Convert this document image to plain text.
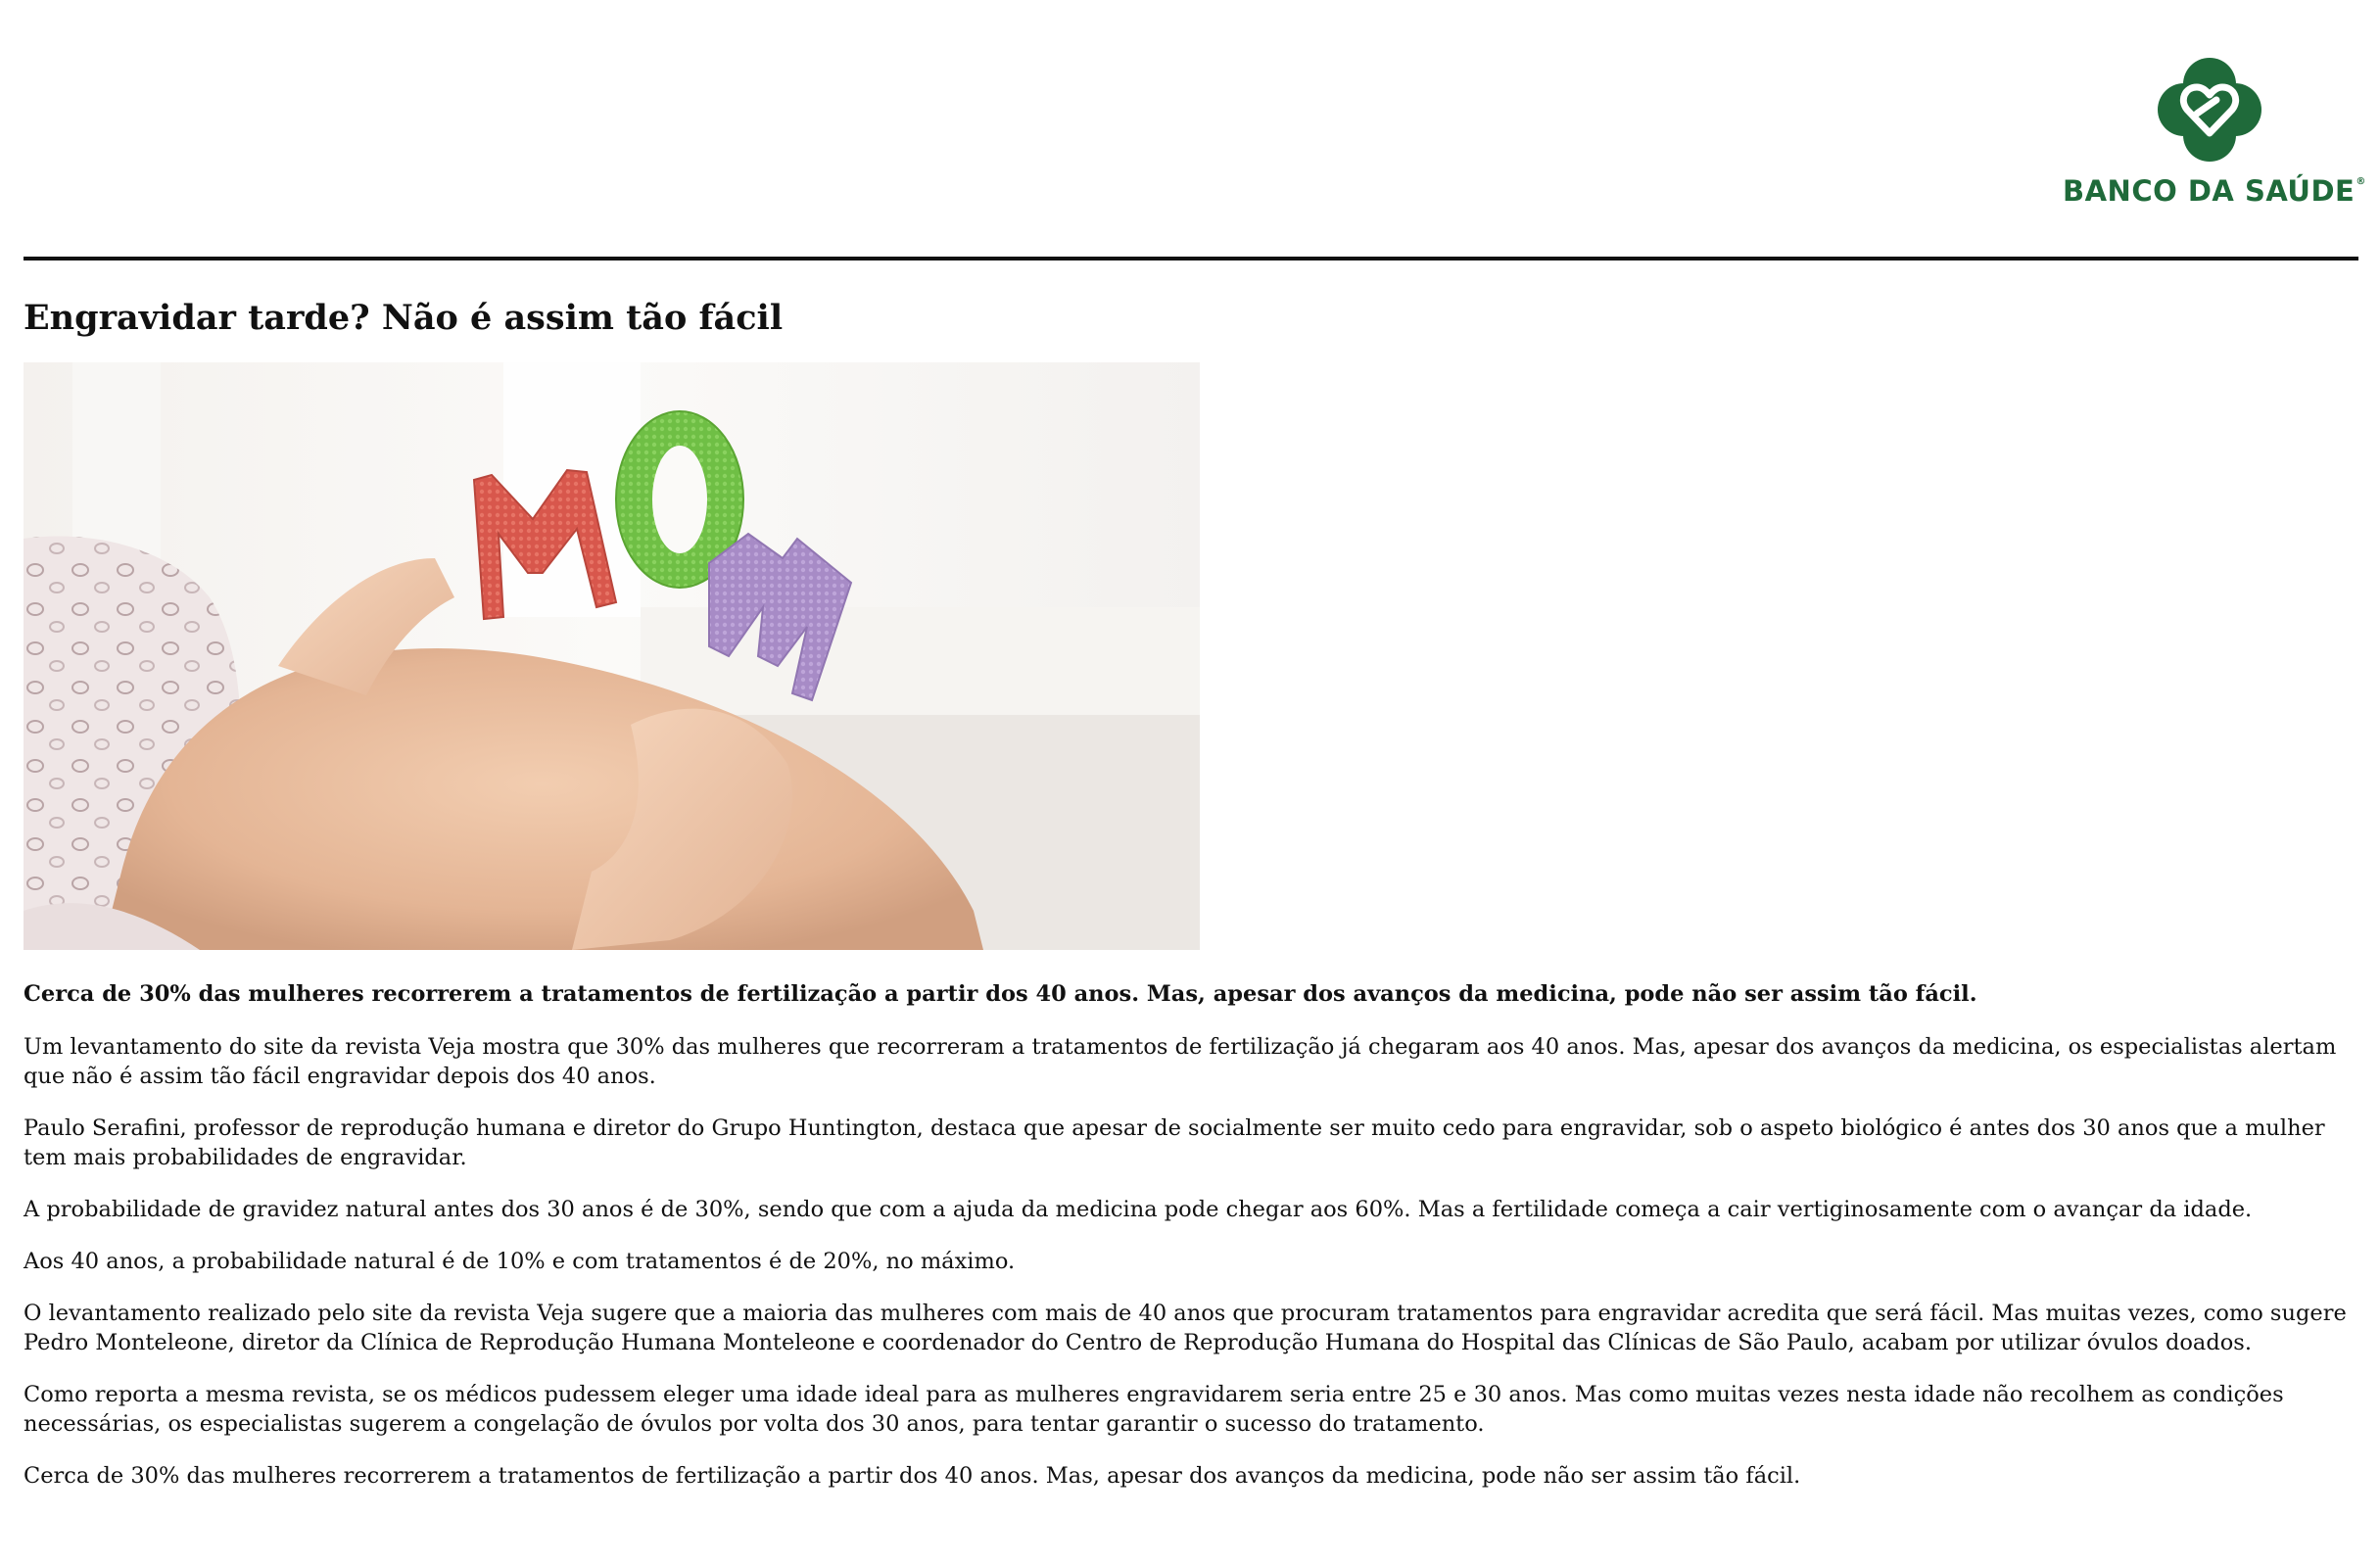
BANCO DA SAÚDE®
Engravidar tarde? Não é assim tão fácil

Cerca de 30% das mulheres recorrerem a tratamentos de fertilização a partir dos 40 anos. Mas, apesar dos avanços da medicina, pode não ser assim tão fácil.

Um levantamento do site da revista Veja mostra que 30% das mulheres que recorreram a tratamentos de fertilização já chegaram aos 40 anos. Mas, apesar dos avanços da medicina, os especialistas alertam que não é assim tão fácil engravidar depois dos 40 anos.

Paulo Serafini, professor de reprodução humana e diretor do Grupo Huntington, destaca que apesar de socialmente ser muito cedo para engravidar, sob o aspeto biológico é antes dos 30 anos que a mulher tem mais probabilidades de engravidar.

A probabilidade de gravidez natural antes dos 30 anos é de 30%, sendo que com a ajuda da medicina pode chegar aos 60%. Mas a fertilidade começa a cair vertiginosamente com o avançar da idade.

Aos 40 anos, a probabilidade natural é de 10% e com tratamentos é de 20%, no máximo.

O levantamento realizado pelo site da revista Veja sugere que a maioria das mulheres com mais de 40 anos que procuram tratamentos para engravidar acredita que será fácil. Mas muitas vezes, como sugere Pedro Monteleone, diretor da Clínica de Reprodução Humana Monteleone e coordenador do Centro de Reprodução Humana do Hospital das Clínicas de São Paulo, acabam por utilizar óvulos doados.

Como reporta a mesma revista, se os médicos pudessem eleger uma idade ideal para as mulheres engravidarem seria entre 25 e 30 anos. Mas como muitas vezes nesta idade não recolhem as condições necessárias, os especialistas sugerem a congelação de óvulos por volta dos 30 anos, para tentar garantir o sucesso do tratamento.

Cerca de 30% das mulheres recorrerem a tratamentos de fertilização a partir dos 40 anos. Mas, apesar dos avanços da medicina, pode não ser assim tão fácil.
